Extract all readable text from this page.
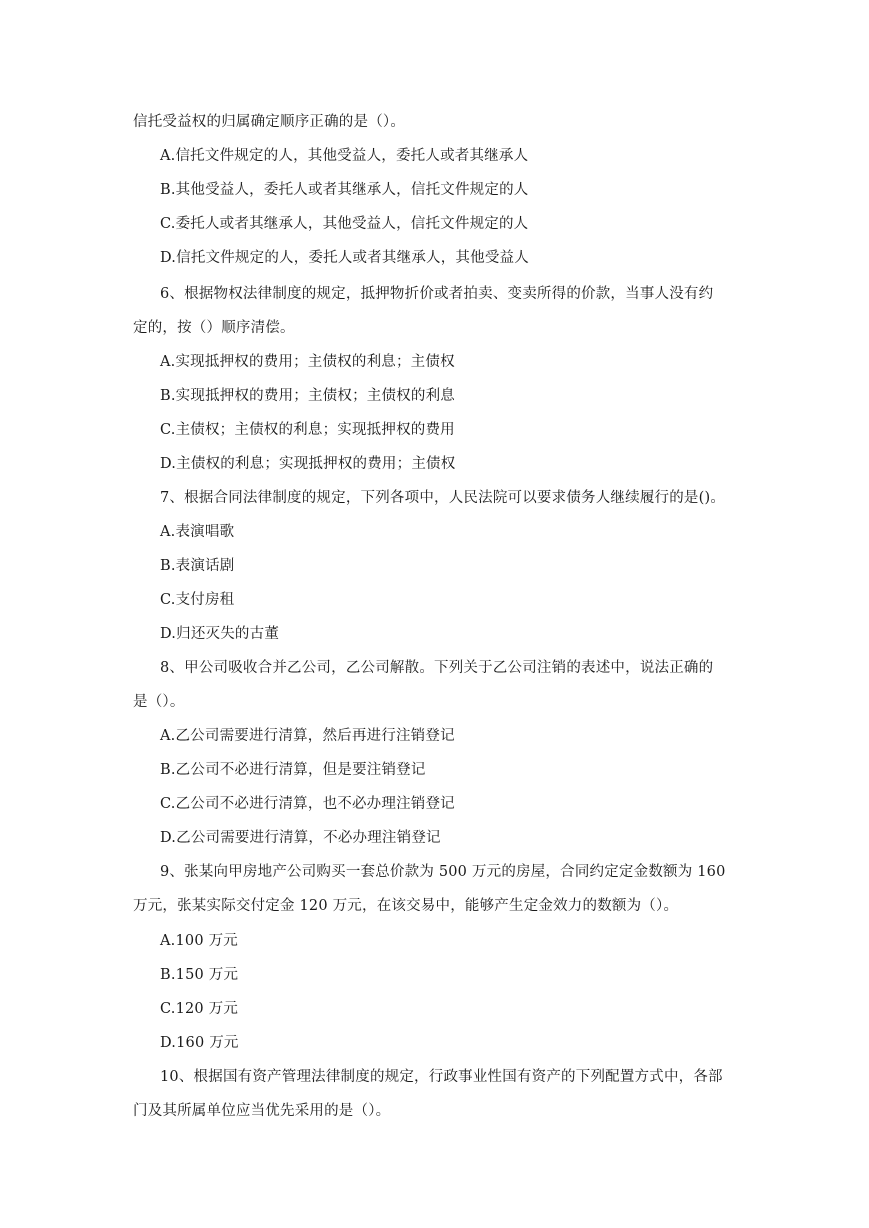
信托受益权的归属确定顺序正确的是（）。
A.信托文件规定的人，其他受益人，委托人或者其继承人
B.其他受益人，委托人或者其继承人，信托文件规定的人
C.委托人或者其继承人，其他受益人，信托文件规定的人
D.信托文件规定的人，委托人或者其继承人，其他受益人
6、根据物权法律制度的规定，抵押物折价或者拍卖、变卖所得的价款，当事人没有约
定的，按（）顺序清偿。
A.实现抵押权的费用；主债权的利息；主债权
B.实现抵押权的费用；主债权；主债权的利息
C.主债权；主债权的利息；实现抵押权的费用
D.主债权的利息；实现抵押权的费用；主债权
7、根据合同法律制度的规定，下列各项中，人民法院可以要求债务人继续履行的是()。
A.表演唱歌
B.表演话剧
C.支付房租
D.归还灭失的古董
8、甲公司吸收合并乙公司，乙公司解散。下列关于乙公司注销的表述中，说法正确的
是（）。
A.乙公司需要进行清算，然后再进行注销登记
B.乙公司不必进行清算，但是要注销登记
C.乙公司不必进行清算，也不必办理注销登记
D.乙公司需要进行清算，不必办理注销登记
9、张某向甲房地产公司购买一套总价款为 500 万元的房屋，合同约定定金数额为 160
万元，张某实际交付定金 120 万元，在该交易中，能够产生定金效力的数额为（）。
A.100 万元
B.150 万元
C.120 万元
D.160 万元
10、根据国有资产管理法律制度的规定，行政事业性国有资产的下列配置方式中，各部
门及其所属单位应当优先采用的是（）。
